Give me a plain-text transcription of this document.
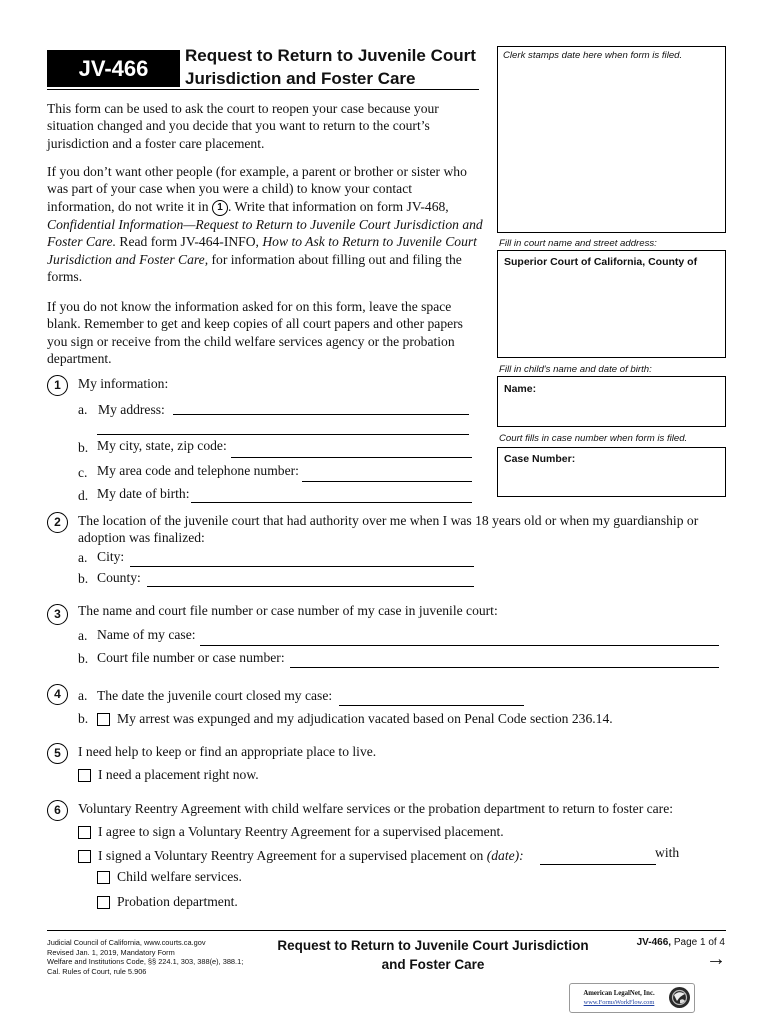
JV-466
Request to Return to Juvenile Court
Jurisdiction and Foster Care
Clerk stamps date here when form is filed.
Fill in court name and street address:
Superior Court of California, County of
Fill in child's name and date of birth:
Name:
Court fills in case number when form is filed.
Case Number:
This form can be used to ask the court to reopen your case because your
situation changed and you decide that you want to return to the court’s
jurisdiction and a foster care placement.
If you don’t want other people (for example, a parent or brother or sister who
was part of your case when you were a child) to know your contact
information, do not write it in 1 . Write that information on form JV-468,
Confidential Information—Request to Return to Juvenile Court Jurisdiction and
Foster Care. Read form JV-464-INFO, How to Ask to Return to Juvenile Court
Jurisdiction and Foster Care, for information about filling out and filing the
forms.
If you do not know the information asked for on this form, leave the space
blank. Remember to get and keep copies of all court papers and other papers
you sign or receive from the child welfare services agency or the probation
department.
1	My information:
a. My address:
b. My city, state, zip code:
c. My area code and telephone number:
d. My date of birth:
2	The location of the juvenile court that had authority over me when I was 18 years old or when my guardianship or
adoption was finalized:
a. City:
b. County:
3	The name and court file number or case number of my case in juvenile court:
a. Name of my case:
b. Court file number or case number:
4	a. The date the juvenile court closed my case:
b. My arrest was expunged and my adjudication vacated based on Penal Code section 236.14.
5	I need help to keep or find an appropriate place to live.
I need a placement right now.
6	Voluntary Reentry Agreement with child welfare services or the probation department to return to foster care:
I agree to sign a Voluntary Reentry Agreement for a supervised placement.
I signed a Voluntary Reentry Agreement for a supervised placement on (date):	with
Child welfare services.
Probation department.
Judicial Council of California, www.courts.ca.gov
Revised Jan. 1, 2019, Mandatory Form
Welfare and Institutions Code, §§ 224.1, 303, 388(e), 388.1;
Cal. Rules of Court, rule 5.906
Request to Return to Juvenile Court Jurisdiction
and Foster Care
JV-466, Page 1 of 4
→
American LegalNet, Inc.
www.FormsWorkFlow.com
